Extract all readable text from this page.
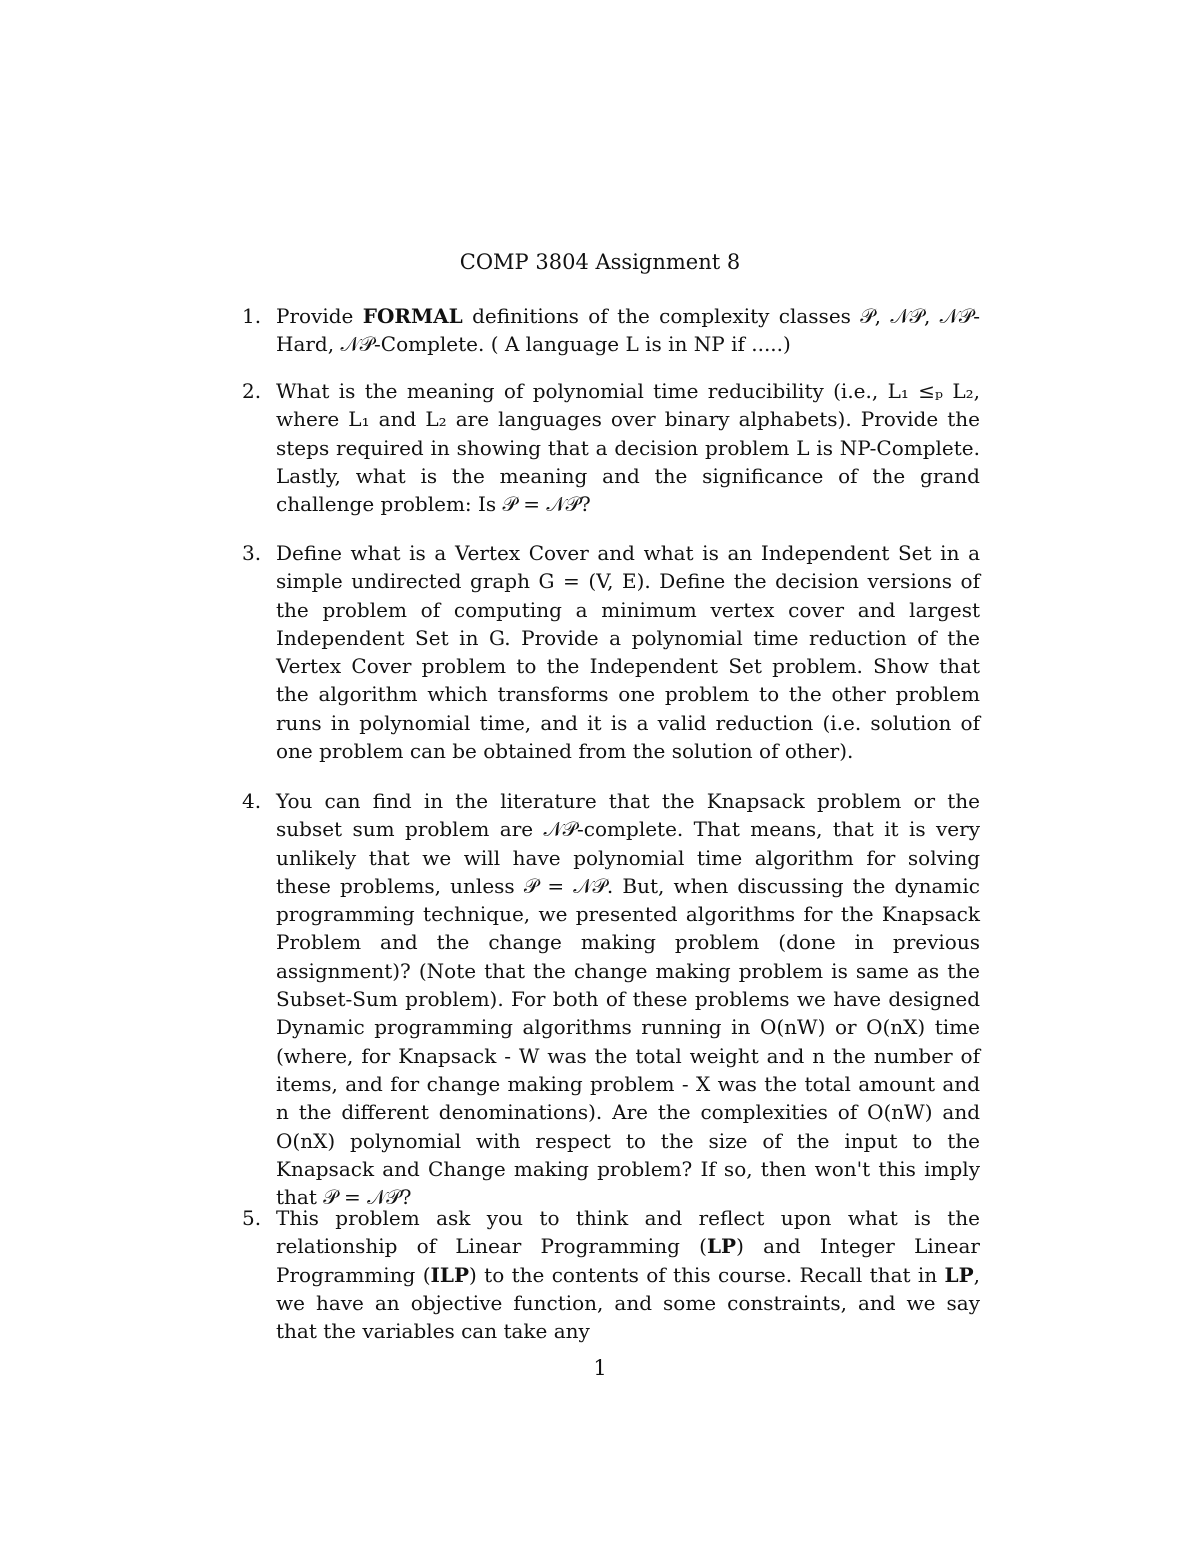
COMP 3804 Assignment 8
1. Provide FORMAL definitions of the complexity classes 𝒫, 𝒩𝒫, 𝒩𝒫-Hard, 𝒩𝒫-Complete. ( A language L is in NP if .....)
2. What is the meaning of polynomial time reducibility (i.e., L₁ ≤ₚ L₂, where L₁ and L₂ are languages over binary alphabets). Provide the steps required in showing that a decision problem L is NP-Complete. Lastly, what is the meaning and the significance of the grand challenge problem: Is 𝒫 = 𝒩𝒫?
3. Define what is a Vertex Cover and what is an Independent Set in a simple undirected graph G = (V, E). Define the decision versions of the problem of computing a minimum vertex cover and largest Independent Set in G. Provide a polynomial time reduction of the Vertex Cover problem to the Independent Set problem. Show that the algorithm which transforms one problem to the other problem runs in polynomial time, and it is a valid reduction (i.e. solution of one problem can be obtained from the solution of other).
4. You can find in the literature that the Knapsack problem or the subset sum problem are 𝒩𝒫-complete. That means, that it is very unlikely that we will have polynomial time algorithm for solving these problems, unless 𝒫 = 𝒩𝒫. But, when discussing the dynamic programming technique, we presented algorithms for the Knapsack Problem and the change making problem (done in previous assignment)? (Note that the change making problem is same as the Subset-Sum problem). For both of these problems we have designed Dynamic programming algorithms running in O(nW) or O(nX) time (where, for Knapsack - W was the total weight and n the number of items, and for change making problem - X was the total amount and n the different denominations). Are the complexities of O(nW) and O(nX) polynomial with respect to the size of the input to the Knapsack and Change making problem? If so, then won't this imply that 𝒫 = 𝒩𝒫?
5. This problem ask you to think and reflect upon what is the relationship of Linear Programming (LP) and Integer Linear Programming (ILP) to the contents of this course. Recall that in LP, we have an objective function, and some constraints, and we say that the variables can take any
1
